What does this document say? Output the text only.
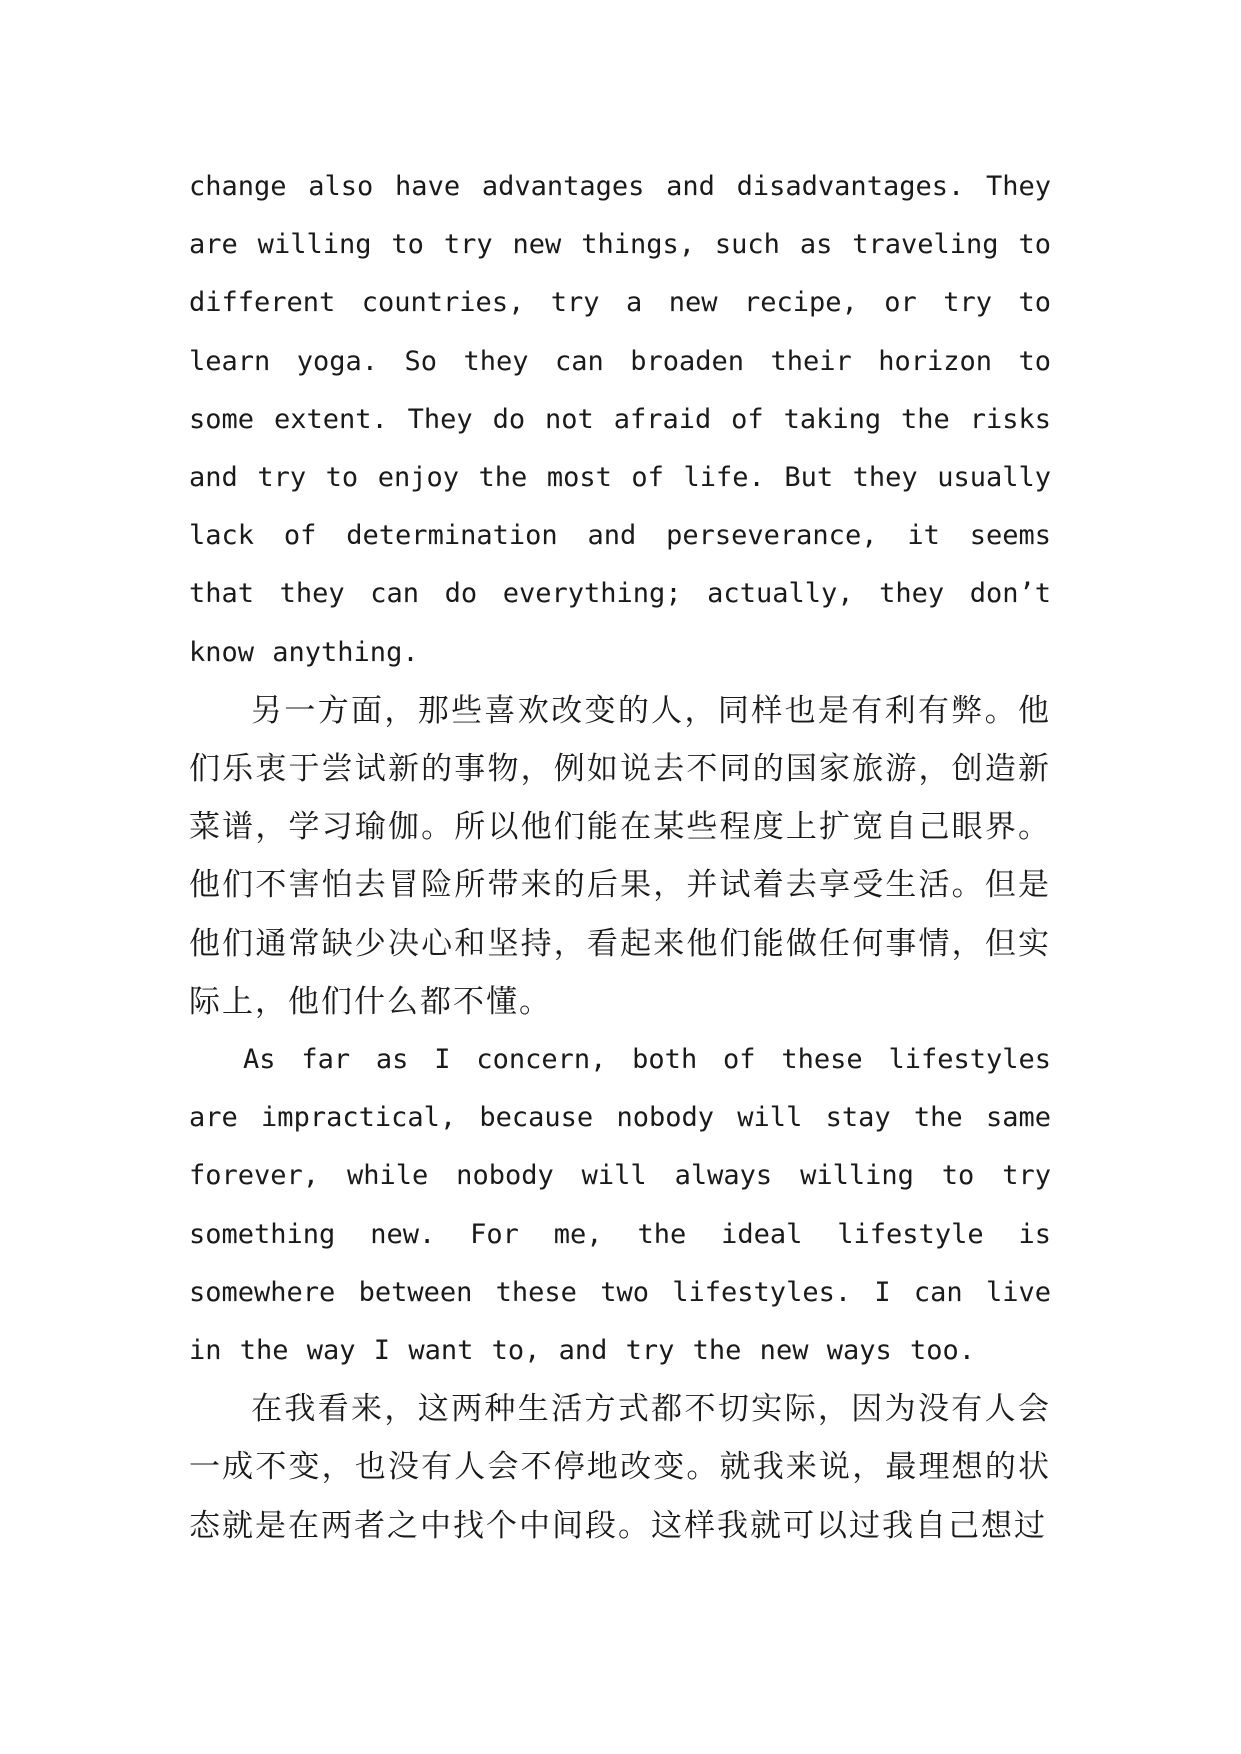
change also have advantages and disadvantages. They are willing to try new things, such as traveling to different countries, try a new recipe, or try to learn yoga. So they can broaden their horizon to some extent. They do not afraid of taking the risks and try to enjoy the most of life. But they usually lack of determination and perseverance, it seems that they can do everything; actually, they don’t know anything.

另一方面，那些喜欢改变的人，同样也是有利有弊。他们乐衷于尝试新的事物，例如说去不同的国家旅游，创造新菜谱，学习瑜伽。所以他们能在某些程度上扩宽自己眼界。他们不害怕去冒险所带来的后果，并试着去享受生活。但是他们通常缺少决心和坚持，看起来他们能做任何事情，但实际上，他们什么都不懂。

As far as I concern, both of these lifestyles are impractical, because nobody will stay the same forever, while nobody will always willing to try something new. For me, the ideal lifestyle is somewhere between these two lifestyles. I can live in the way I want to, and try the new ways too.

在我看来，这两种生活方式都不切实际，因为没有人会一成不变，也没有人会不停地改变。就我来说，最理想的状态就是在两者之中找个中间段。这样我就可以过我自己想过
